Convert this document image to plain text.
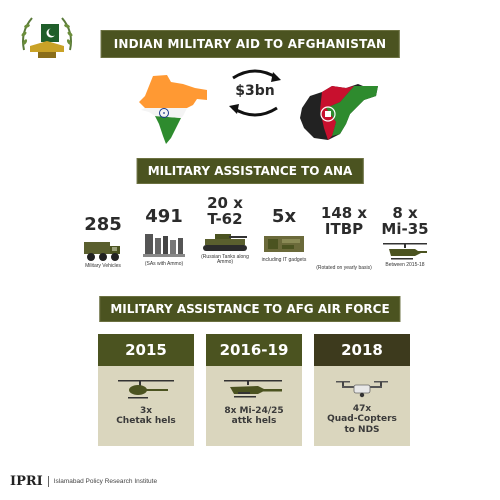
INDIAN MILITARY AID TO AFGHANISTAN
$3bn
MILITARY ASSISTANCE TO ANA
285
Military Vehicles
491
(SAs with Ammo)
20 x
T-62
(Russian Tanks along
Ammo)
5x
including IT gadgets
148 x
ITBP
(Rotated on yearly basis)
8 x
Mi-35
Between 2015-18
MILITARY ASSISTANCE TO AFG AIR FORCE
2015
3x
Chetak hels
2016-19
8x Mi-24/25
attk hels
2018
47x
Quad-Copters
to NDS
IPRI Islamabad Policy Research Institute
